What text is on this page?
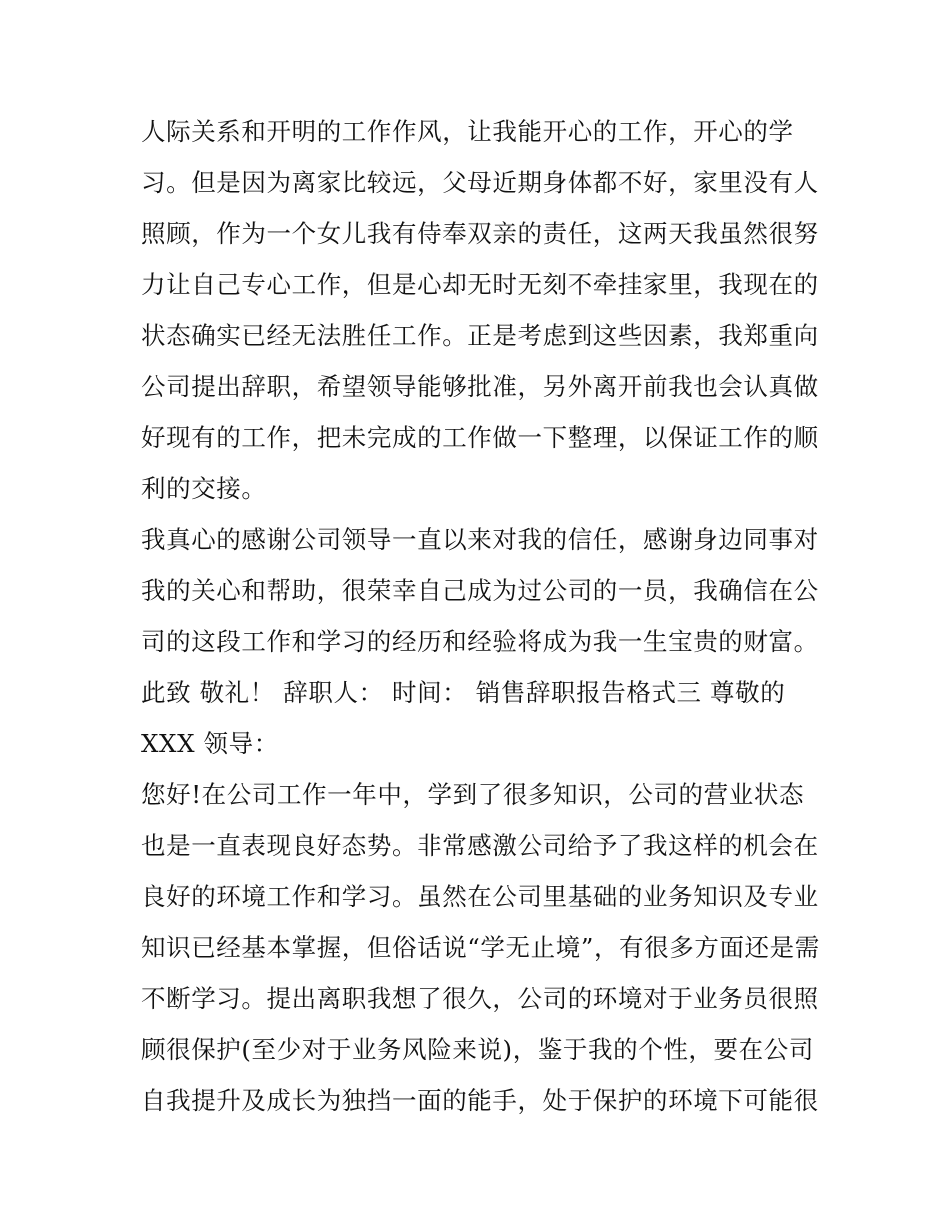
人际关系和开明的工作作风，让我能开心的工作，开心的学
习。但是因为离家比较远，父母近期身体都不好，家里没有人
照顾，作为一个女儿我有侍奉双亲的责任，这两天我虽然很努
力让自己专心工作，但是心却无时无刻不牵挂家里，我现在的
状态确实已经无法胜任工作。正是考虑到这些因素，我郑重向
公司提出辞职，希望领导能够批准，另外离开前我也会认真做
好现有的工作，把未完成的工作做一下整理，以保证工作的顺
利的交接。
我真心的感谢公司领导一直以来对我的信任，感谢身边同事对
我的关心和帮助，很荣幸自己成为过公司的一员，我确信在公
司的这段工作和学习的经历和经验将成为我一生宝贵的财富。
此致 敬礼！ 辞职人： 时间： 销售辞职报告格式三 尊敬的
XXX 领导：
您好!在公司工作一年中，学到了很多知识，公司的营业状态
也是一直表现良好态势。非常感激公司给予了我这样的机会在
良好的环境工作和学习。虽然在公司里基础的业务知识及专业
知识已经基本掌握，但俗话说“学无止境”，有很多方面还是需
不断学习。提出离职我想了很久，公司的环境对于业务员很照
顾很保护(至少对于业务风险来说)，鉴于我的个性，要在公司
自我提升及成长为独挡一面的能手，处于保护的环境下可能很
